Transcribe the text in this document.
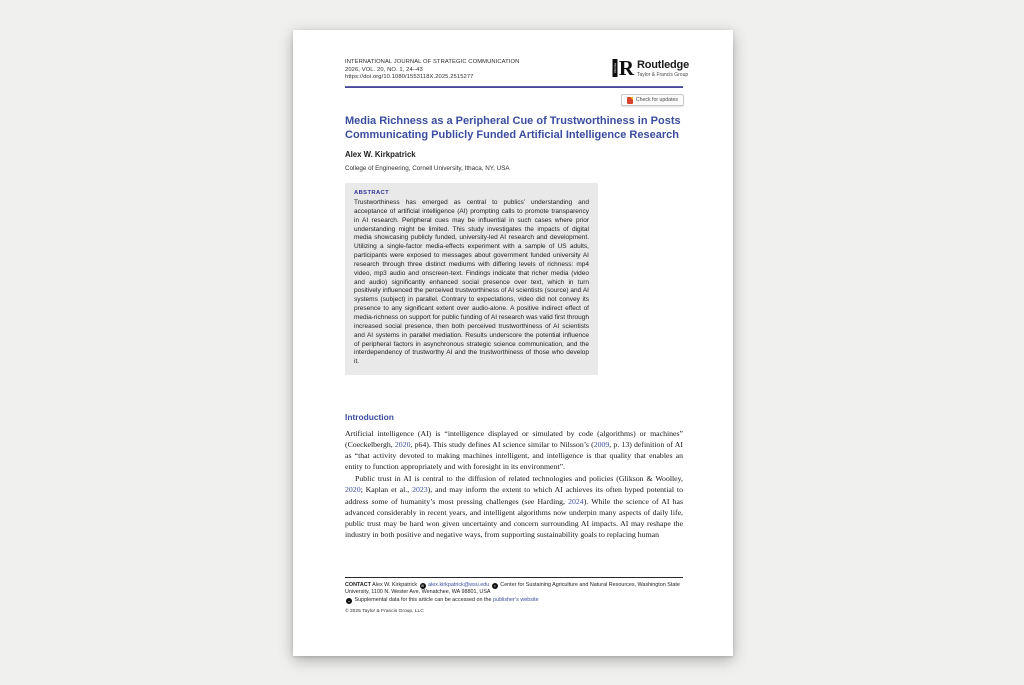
INTERNATIONAL JOURNAL OF STRATEGIC COMMUNICATION
2026, VOL. 20, NO. 1, 24–43
https://doi.org/10.1080/1553118X.2025.2515277
informa R Routledge
Taylor & Francis Group
Check for updates
Media Richness as a Peripheral Cue of Trustworthiness in Posts
Communicating Publicly Funded Artificial Intelligence Research
Alex W. Kirkpatrick
College of Engineering, Cornell University, Ithaca, NY, USA
ABSTRACT
Trustworthiness has emerged as central to publics’ understanding and acceptance of artificial intelligence (AI) prompting calls to promote transparency in AI research. Peripheral cues may be influential in such cases where prior understanding might be limited. This study investigates the impacts of digital media showcasing publicly funded, university-led AI research and development. Utilizing a single-factor media-effects experiment with a sample of US adults, participants were exposed to messages about government funded university AI research through three distinct mediums with differing levels of richness: mp4 video, mp3 audio and onscreen-text. Findings indicate that richer media (video and audio) significantly enhanced social presence over text, which in turn positively influenced the perceived trustworthiness of AI scientists (source) and AI systems (subject) in parallel. Contrary to expectations, video did not convey its presence to any significant extent over audio-alone. A positive indirect effect of media-richness on support for public funding of AI research was valid first through increased social presence, then both perceived trustworthiness of AI scientists and AI systems in parallel mediation. Results underscore the potential influence of peripheral factors in asynchronous strategic science communication, and the interdependency of trustworthy AI and the trustworthiness of those who develop it.
Introduction

Artificial intelligence (AI) is “intelligence displayed or simulated by code (algorithms) or machines” (Coeckelbergh, 2020, p64). This study defines AI science similar to Nilsson’s (2009, p. 13) definition of AI as “that activity devoted to making machines intelligent, and intelligence is that quality that enables an entity to function appropriately and with foresight in its environment”.

Public trust in AI is central to the diffusion of related technologies and policies (Glikson & Woolley, 2020; Kaplan et al., 2023), and may inform the extent to which AI achieves its often hyped potential to address some of humanity’s most pressing challenges (see Harding, 2024). While the science of AI has advanced considerably in recent years, and intelligent algorithms now underpin many aspects of daily life, public trust may be hard won given uncertainty and concern surrounding AI impacts. AI may reshape the industry in both positive and negative ways, from supporting sustainability goals to replacing human

CONTACT Alex W. Kirkpatrick ✉ alex.kirkpatrick@wsu.edu ⌂ Center for Sustaining Agriculture and Natural Resources, Washington State University, 1100 N. Wester Ave, Wenatchee, WA 98801, USA
◒ Supplemental data for this article can be accessed on the publisher’s website
© 2025 Taylor & Francis Group, LLC
